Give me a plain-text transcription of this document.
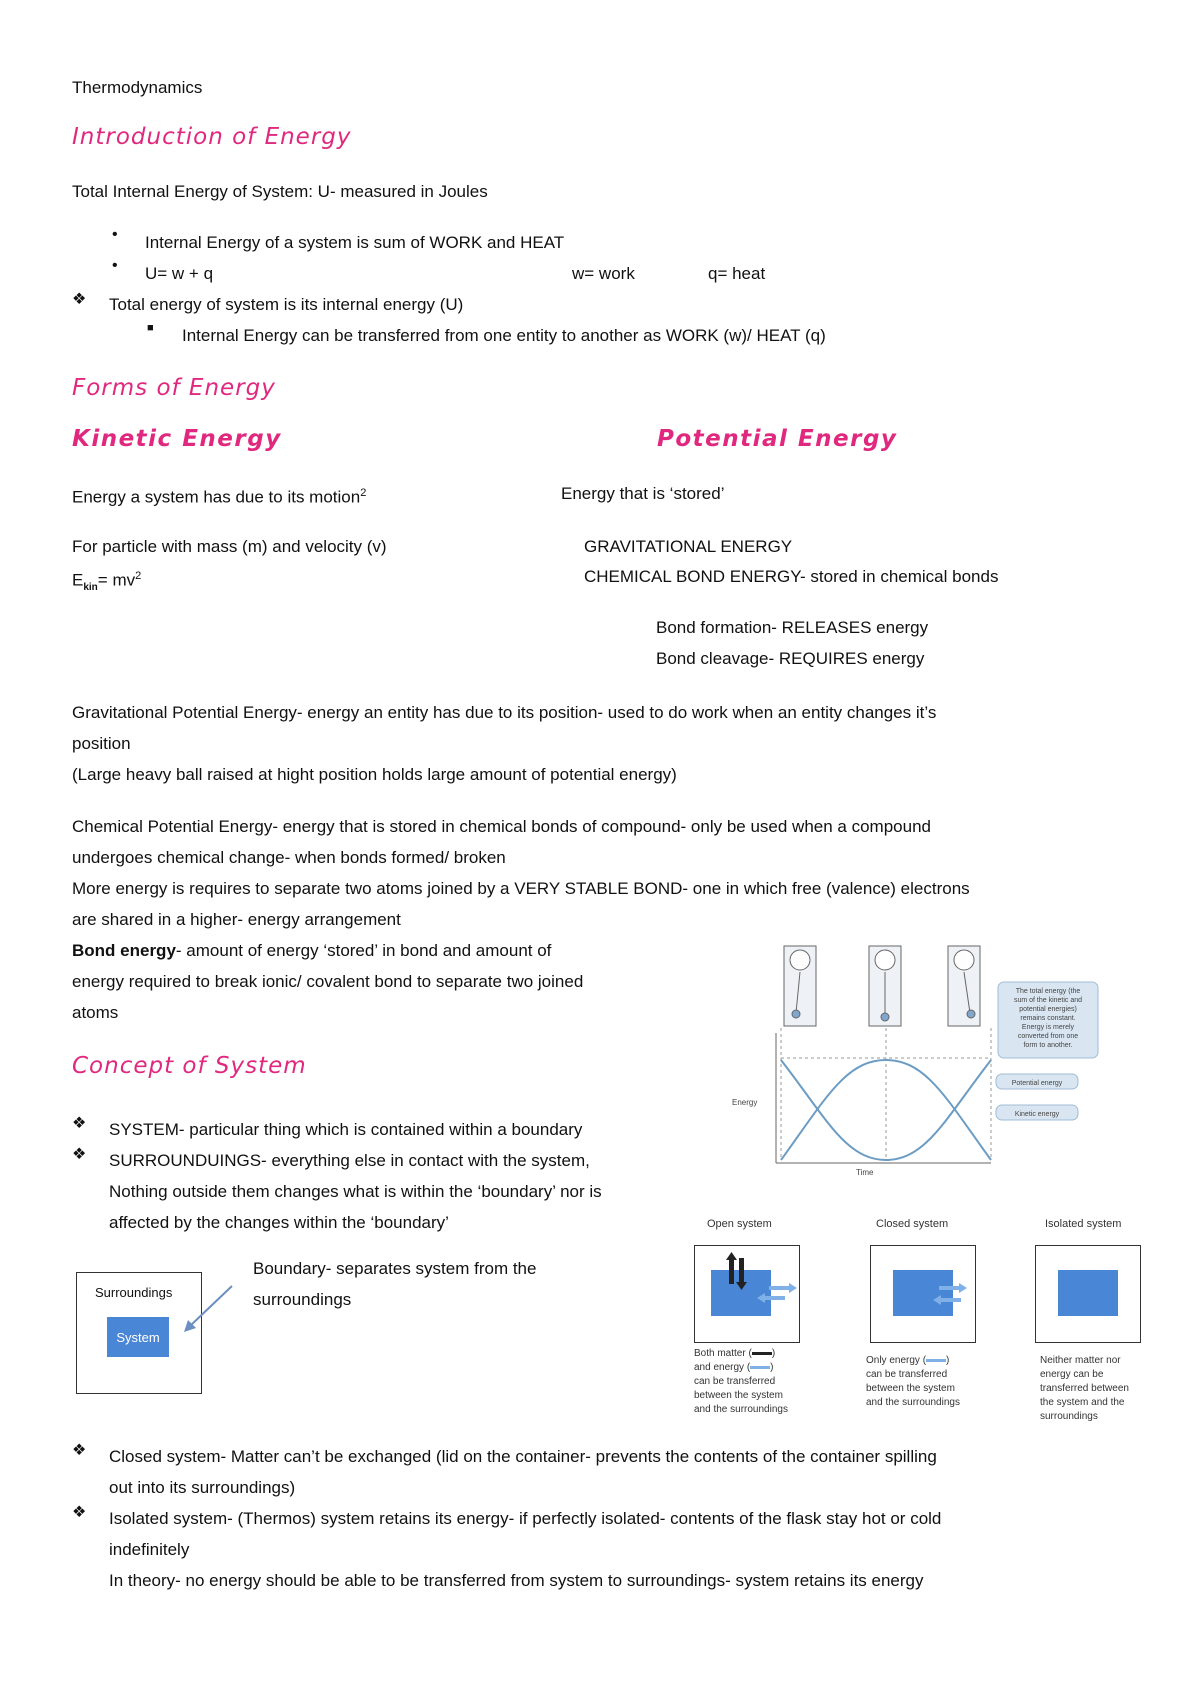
Thermodynamics
Introduction of Energy
Total Internal Energy of System: U- measured in Joules
• Internal Energy of a system is sum of WORK and HEAT
• U= w + q	w= work	q= heat
❖ Total energy of system is its internal energy (U)
■ Internal Energy can be transferred from one entity to another as WORK (w)/ HEAT (q)
Forms of Energy
Kinetic Energy	Potential Energy
Energy a system has due to its motion$^2$	Energy that is ‘stored’
For particle with mass (m) and velocity (v)	GRAVITATIONAL ENERGY
$E_{kin}= mv^2$	CHEMICAL BOND ENERGY- stored in chemical bonds
Bond formation- RELEASES energy
Bond cleavage- REQUIRES energy
Gravitational Potential Energy- energy an entity has due to its position- used to do work when an entity changes it’s
position
(Large heavy ball raised at hight position holds large amount of potential energy)
Chemical Potential Energy- energy that is stored in chemical bonds of compound- only be used when a compound
undergoes chemical change- when bonds formed/ broken
More energy is requires to separate two atoms joined by a VERY STABLE BOND- one in which free (valence) electrons
are shared in a higher- energy arrangement
Bond energy- amount of energy ‘stored’ in bond and amount of
energy required to break ionic/ covalent bond to separate two joined
atoms
The total energy (the
sum of the kinetic and
potential energies)
remains constant.
Energy is merely
converted from one
form to another.
Potential energy
Kinetic energy
Energy
Time
Concept of System
❖ SYSTEM- particular thing which is contained within a boundary
❖ SURROUNDUINGS- everything else in contact with the system,
Nothing outside them changes what is within the ‘boundary’ nor is
affected by the changes within the ‘boundary’
Surroundings
System
Boundary- separates system from the
surroundings
Open system
Both matter ( )
and energy ( )
can be transferred
between the system
and the surroundings
Closed system
Only energy ( )
can be transferred
between the system
and the surroundings
Isolated system
Neither matter nor
energy can be
transferred between
the system and the
surroundings
❖ Closed system- Matter can’t be exchanged (lid on the container- prevents the contents of the container spilling
out into its surroundings)
❖ Isolated system- (Thermos) system retains its energy- if perfectly isolated- contents of the flask stay hot or cold
indefinitely
In theory- no energy should be able to be transferred from system to surroundings- system retains its energy
